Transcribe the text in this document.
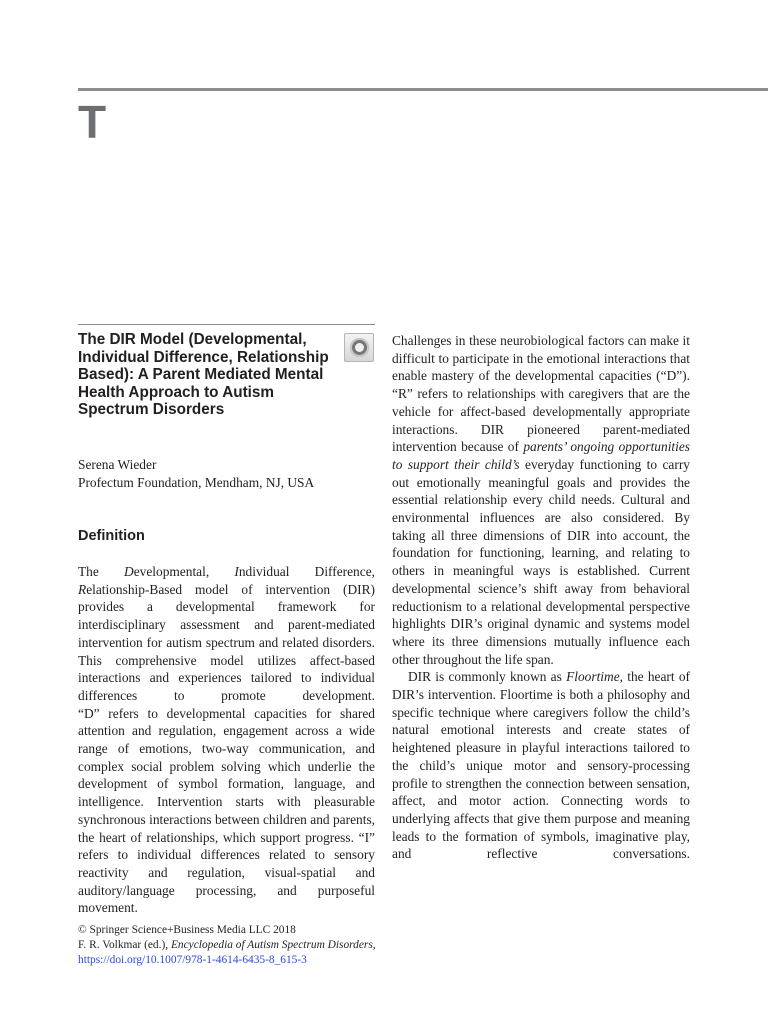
T
The DIR Model (Developmental, Individual Difference, Relationship Based): A Parent Mediated Mental Health Approach to Autism Spectrum Disorders
Serena Wieder
Profectum Foundation, Mendham, NJ, USA
Definition

The Developmental, Individual Difference, Relationship-Based model of intervention (DIR) provides a developmental framework for interdisciplinary assessment and parent-mediated intervention for autism spectrum and related disorders. This comprehensive model utilizes affect-based interactions and experiences tailored to individual differences to promote development.

“D” refers to developmental capacities for shared attention and regulation, engagement across a wide range of emotions, two-way communication, and complex social problem solving which underlie the development of symbol formation, language, and intelligence. Intervention starts with pleasurable synchronous interactions between children and parents, the heart of relationships, which support progress. “I” refers to individual differences related to sensory reactivity and regulation, visual-spatial and auditory/language processing, and purposeful movement.

Challenges in these neurobiological factors can make it difficult to participate in the emotional interactions that enable mastery of the developmental capacities (“D”). “R” refers to relationships with caregivers that are the vehicle for affect-based developmentally appropriate interactions. DIR pioneered parent-mediated intervention because of parents’ ongoing opportunities to support their child’s everyday functioning to carry out emotionally meaningful goals and provides the essential relationship every child needs. Cultural and environmental influences are also considered. By taking all three dimensions of DIR into account, the foundation for functioning, learning, and relating to others in meaningful ways is established. Current developmental science’s shift away from behavioral reductionism to a relational developmental perspective highlights DIR’s original dynamic and systems model where its three dimensions mutually influence each other throughout the life span.

DIR is commonly known as Floortime, the heart of DIR’s intervention. Floortime is both a philosophy and specific technique where caregivers follow the child’s natural emotional interests and create states of heightened pleasure in playful interactions tailored to the child’s unique motor and sensory-processing profile to strengthen the connection between sensation, affect, and motor action. Connecting words to underlying affects that give them purpose and meaning leads to the formation of symbols, imaginative play, and reflective conversations.

© Springer Science+Business Media LLC 2018
F. R. Volkmar (ed.), Encyclopedia of Autism Spectrum Disorders,
https://doi.org/10.1007/978-1-4614-6435-8_615-3
